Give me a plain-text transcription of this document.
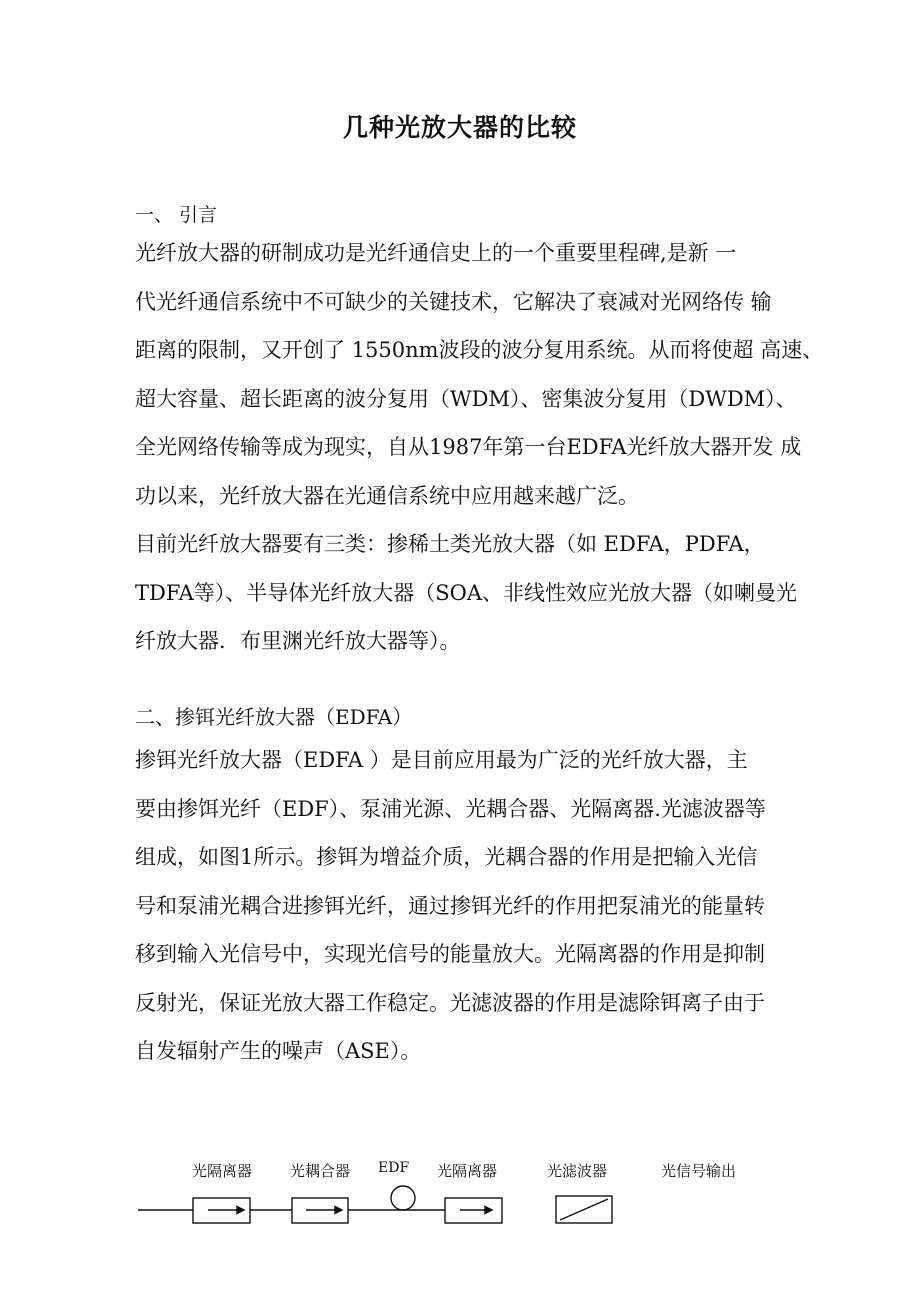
几种光放大器的比较
一、 引言
光纤放大器的研制成功是光纤通信史上的一个重要里程碑,是新 一
代光纤通信系统中不可缺少的关键技术，它解决了衰减对光网络传 输
距离的限制，又开创了 1550nm波段的波分复用系统。从而将使超 高速、
超大容量、超长距离的波分复用（WDM）、密集波分复用（DWDM）、
全光网络传输等成为现实，自从1987年第一台EDFA光纤放大器开发 成
功以来，光纤放大器在光通信系统中应用越来越广泛。
目前光纤放大器要有三类：掺稀土类光放大器（如 EDFA，PDFA，
TDFA等）、半导体光纤放大器（SOA、非线性效应光放大器（如喇曼光
纤放大器．布里渊光纤放大器等）。
二、掺铒光纤放大器（EDFA）
掺铒光纤放大器（EDFA ）是目前应用最为广泛的光纤放大器，主
要由掺饵光纤（EDF）、泵浦光源、光耦合器、光隔离器.光滤波器等
组成，如图1所示。掺铒为增益介质，光耦合器的作用是把输入光信
号和泵浦光耦合进掺铒光纤，通过掺铒光纤的作用把泵浦光的能量转
移到输入光信号中，实现光信号的能量放大。光隔离器的作用是抑制
反射光，保证光放大器工作稳定。光滤波器的作用是滤除铒离子由于
自发辐射产生的噪声（ASE）。
光隔离器	光耦合器 EDF 光隔离器	光滤波器	光信号输出
